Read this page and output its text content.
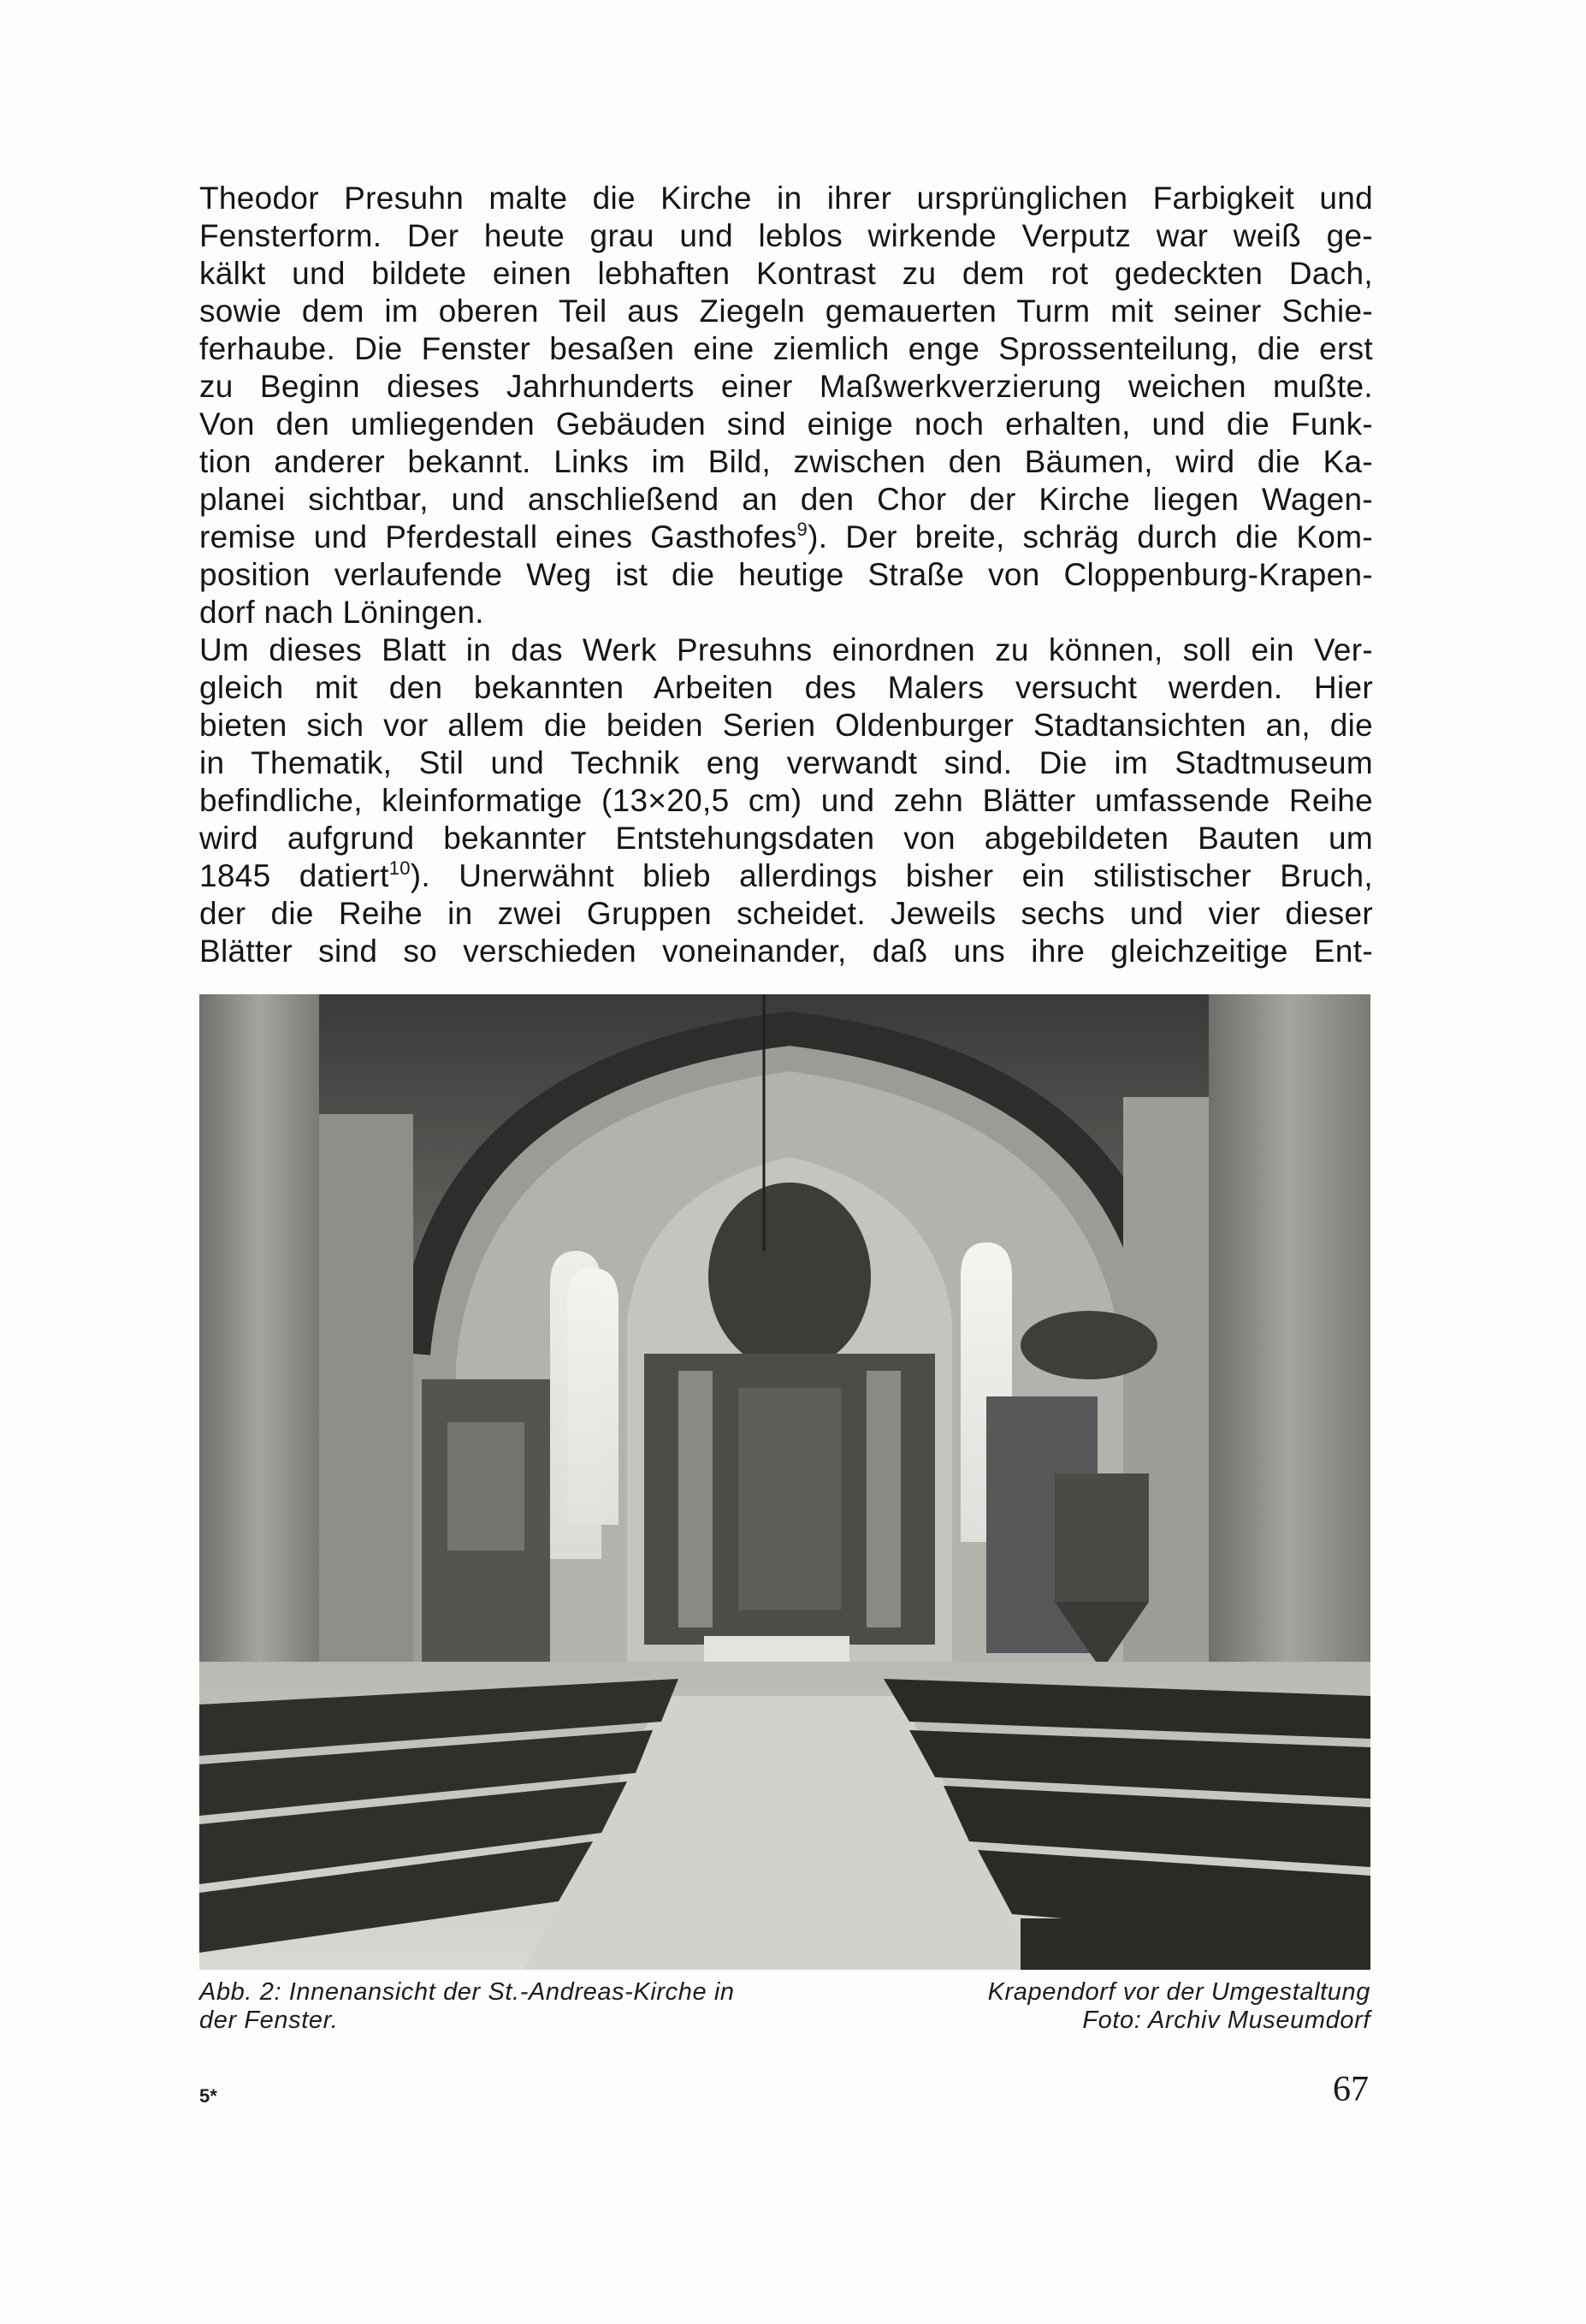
Theodor Presuhn malte die Kirche in ihrer ursprünglichen Farbigkeit und
Fensterform. Der heute grau und leblos wirkende Verputz war weiß ge-
kälkt und bildete einen lebhaften Kontrast zu dem rot gedeckten Dach,
sowie dem im oberen Teil aus Ziegeln gemauerten Turm mit seiner Schie-
ferhaube. Die Fenster besaßen eine ziemlich enge Sprossenteilung, die erst
zu Beginn dieses Jahrhunderts einer Maßwerkverzierung weichen mußte.
Von den umliegenden Gebäuden sind einige noch erhalten, und die Funk-
tion anderer bekannt. Links im Bild, zwischen den Bäumen, wird die Ka-
planei sichtbar, und anschließend an den Chor der Kirche liegen Wagen-
remise und Pferdestall eines Gasthofes$^9$). Der breite, schräg durch die Kom-
position verlaufende Weg ist die heutige Straße von Cloppenburg-Krapen-
dorf nach Löningen.
Um dieses Blatt in das Werk Presuhns einordnen zu können, soll ein Ver-
gleich mit den bekannten Arbeiten des Malers versucht werden. Hier
bieten sich vor allem die beiden Serien Oldenburger Stadtansichten an, die
in Thematik, Stil und Technik eng verwandt sind. Die im Stadtmuseum
befindliche, kleinformatige (13×20,5 cm) und zehn Blätter umfassende Reihe
wird aufgrund bekannter Entstehungsdaten von abgebildeten Bauten um
1845 datiert$^{10}$). Unerwähnt blieb allerdings bisher ein stilistischer Bruch,
der die Reihe in zwei Gruppen scheidet. Jeweils sechs und vier dieser
Blätter sind so verschieden voneinander, daß uns ihre gleichzeitige Ent-
Abb. 2: Innenansicht der St.-Andreas-Kirche in	Krapendorf vor der Umgestaltung
der Fenster.	Foto: Archiv Museumdorf
5*	67
